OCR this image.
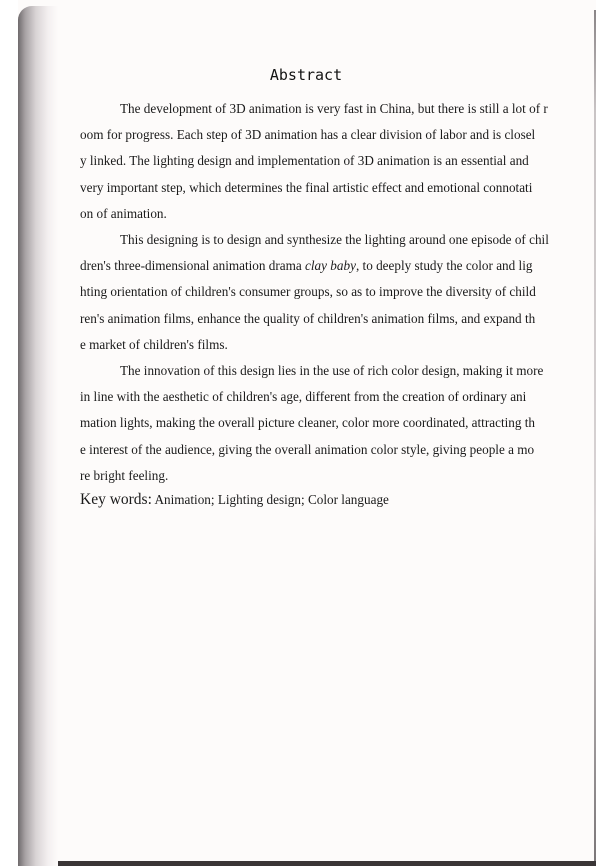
Abstract
The development of 3D animation is very fast in China, but there is still a lot of r
oom for progress. Each step of 3D animation has a clear division of labor and is closel
y linked. The lighting design and implementation of 3D animation is an essential and
very important step, which determines the final artistic effect and emotional connotati
on of animation.
This designing is to design and synthesize the lighting around one episode of chil
dren's three-dimensional animation drama clay baby, to deeply study the color and lig
hting orientation of children's consumer groups, so as to improve the diversity of child
ren's animation films, enhance the quality of children's animation films, and expand th
e market of children's films.
The innovation of this design lies in the use of rich color design, making it more
in line with the aesthetic of children's age, different from the creation of ordinary ani
mation lights, making the overall picture cleaner, color more coordinated, attracting th
e interest of the audience, giving the overall animation color style, giving people a mo
re bright feeling.
Key words: Animation; Lighting design; Color language
